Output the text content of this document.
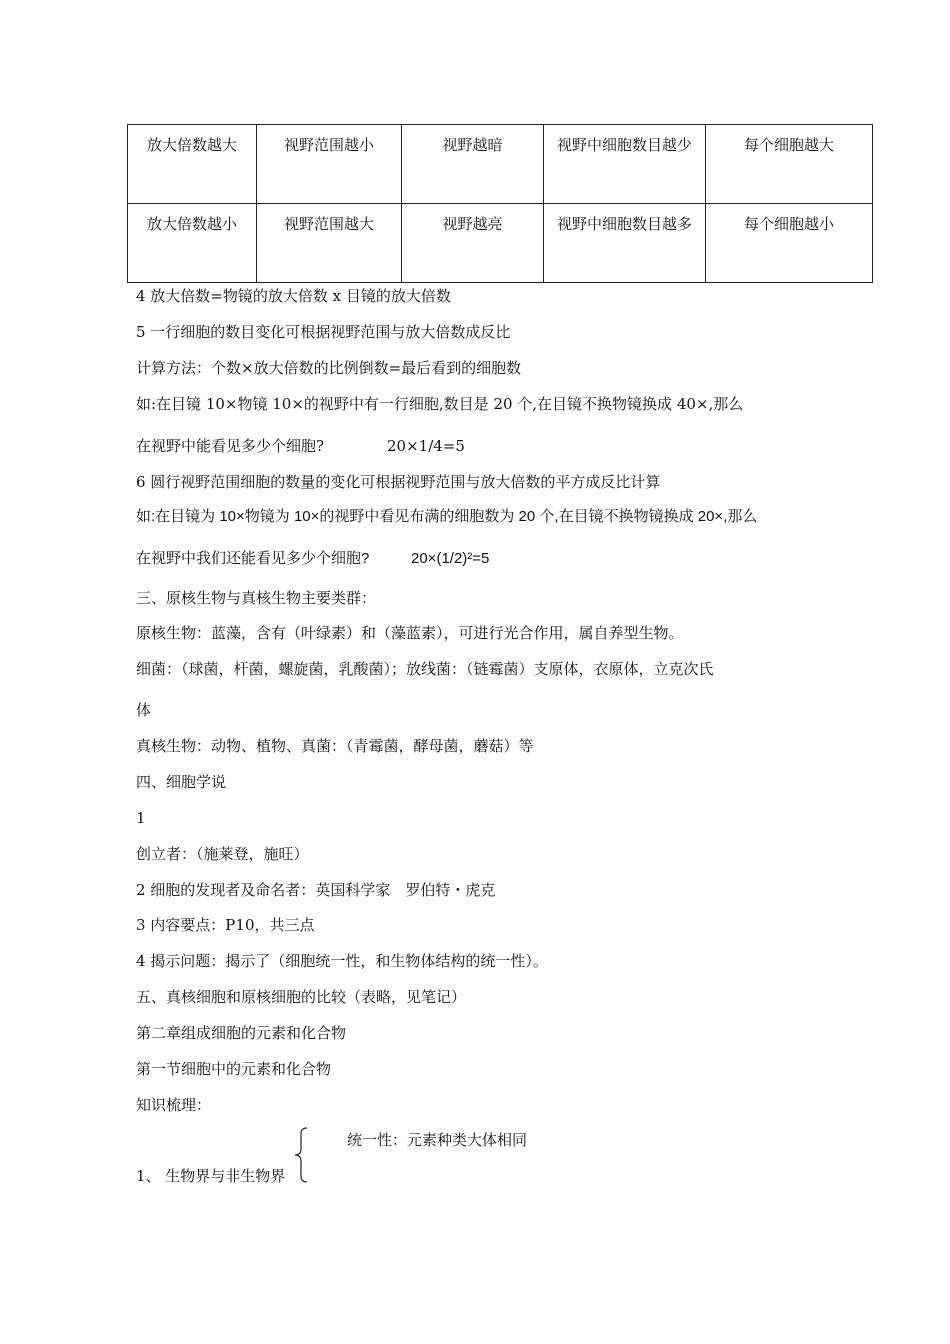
放大倍数越大	视野范围越小	视野越暗	视野中细胞数目越少	每个细胞越大
放大倍数越小	视野范围越大	视野越亮	视野中细胞数目越多	每个细胞越小
4 放大倍数=物镜的放大倍数 x 目镜的放大倍数
5 一行细胞的数目变化可根据视野范围与放大倍数成反比
计算方法：个数×放大倍数的比例倒数=最后看到的细胞数
如:在目镜 10×物镜 10×的视野中有一行细胞,数目是 20 个,在目镜不换物镜换成 40×,那么
在视野中能看见多少个细胞?	20×1/4=5
6 圆行视野范围细胞的数量的变化可根据视野范围与放大倍数的平方成反比计算
如:在目镜为 10×物镜为 10×的视野中看见布满的细胞数为 20 个,在目镜不换物镜换成 20×,那么
在视野中我们还能看见多少个细胞?	20×(1/2)²=5
三、原核生物与真核生物主要类群：
原核生物：蓝藻，含有（叶绿素）和（藻蓝素），可进行光合作用，属自养型生物。
细菌：（球菌，杆菌，螺旋菌，乳酸菌）；放线菌：（链霉菌）支原体，衣原体，立克次氏
体
真核生物：动物、植物、真菌：（青霉菌，酵母菌，蘑菇）等
四、细胞学说
1
创立者：（施莱登，施旺）
2 细胞的发现者及命名者：英国科学家　罗伯特・虎克
3 内容要点：P10，共三点
4 揭示问题：揭示了（细胞统一性，和生物体结构的统一性）。
五、真核细胞和原核细胞的比较（表略，见笔记）
第二章组成细胞的元素和化合物
第一节细胞中的元素和化合物
知识梳理：
统一性：元素种类大体相同
1、 生物界与非生物界
